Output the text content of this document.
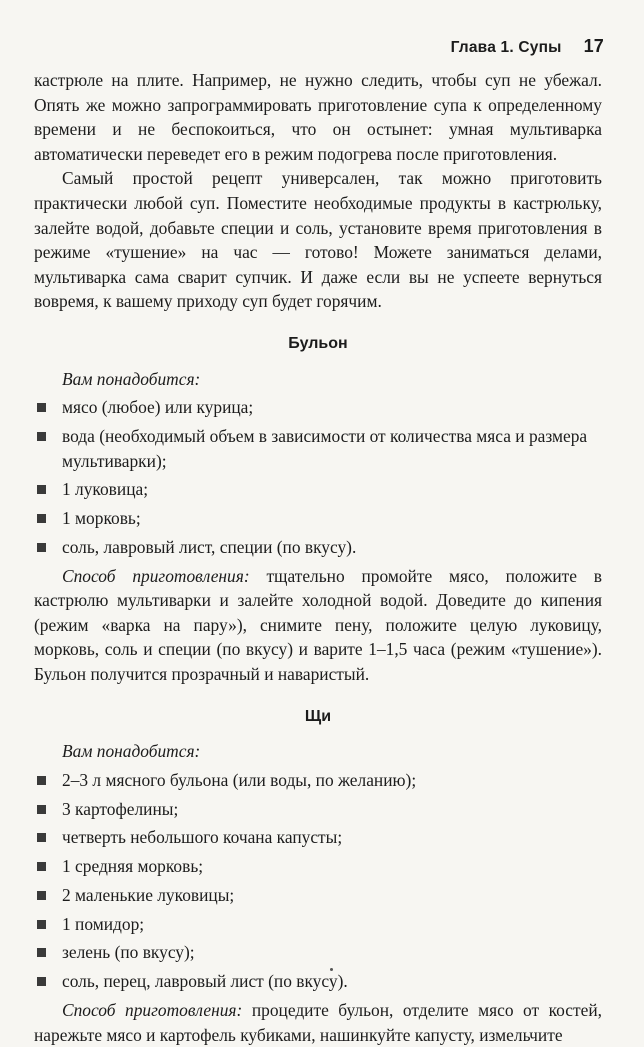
Глава 1. Супы 17

кастрюле на плите. Например, не нужно следить, чтобы суп не убежал. Опять же можно запрограммировать приготовление супа к определенному времени и не беспокоиться, что он остынет: умная мультиварка автоматически переведет его в режим подогрева после приготовления.

Самый простой рецепт универсален, так можно приготовить практически любой суп. Поместите необходимые продукты в кастрюльку, залейте водой, добавьте специи и соль, установите время приготовления в режиме «тушение» на час — готово! Можете заниматься делами, мультиварка сама сварит супчик. И даже если вы не успеете вернуться вовремя, к вашему приходу суп будет горячим.

Бульон
Вам понадобится:
мясо (любое) или курица;
вода (необходимый объем в зависимости от количества мяса и размера мультиварки);
1 луковица;
1 морковь;
соль, лавровый лист, специи (по вкусу).

Способ приготовления: тщательно промойте мясо, положите в кастрюлю мультиварки и залейте холодной водой. Доведите до кипения (режим «варка на пару»), снимите пену, положите целую луковицу, морковь, соль и специи (по вкусу) и варите 1–1,5 часа (режим «тушение»). Бульон получится прозрачный и наваристый.

Щи
Вам понадобится:
2–3 л мясного бульона (или воды, по желанию);
3 картофелины;
четверть небольшого кочана капусты;
1 средняя морковь;
2 маленькие луковицы;
1 помидор;
зелень (по вкусу);
соль, перец, лавровый лист (по вкусу).

Способ приготовления: процедите бульон, отделите мясо от костей, нарежьте мясо и картофель кубиками, нашинкуйте капусту, измельчите
